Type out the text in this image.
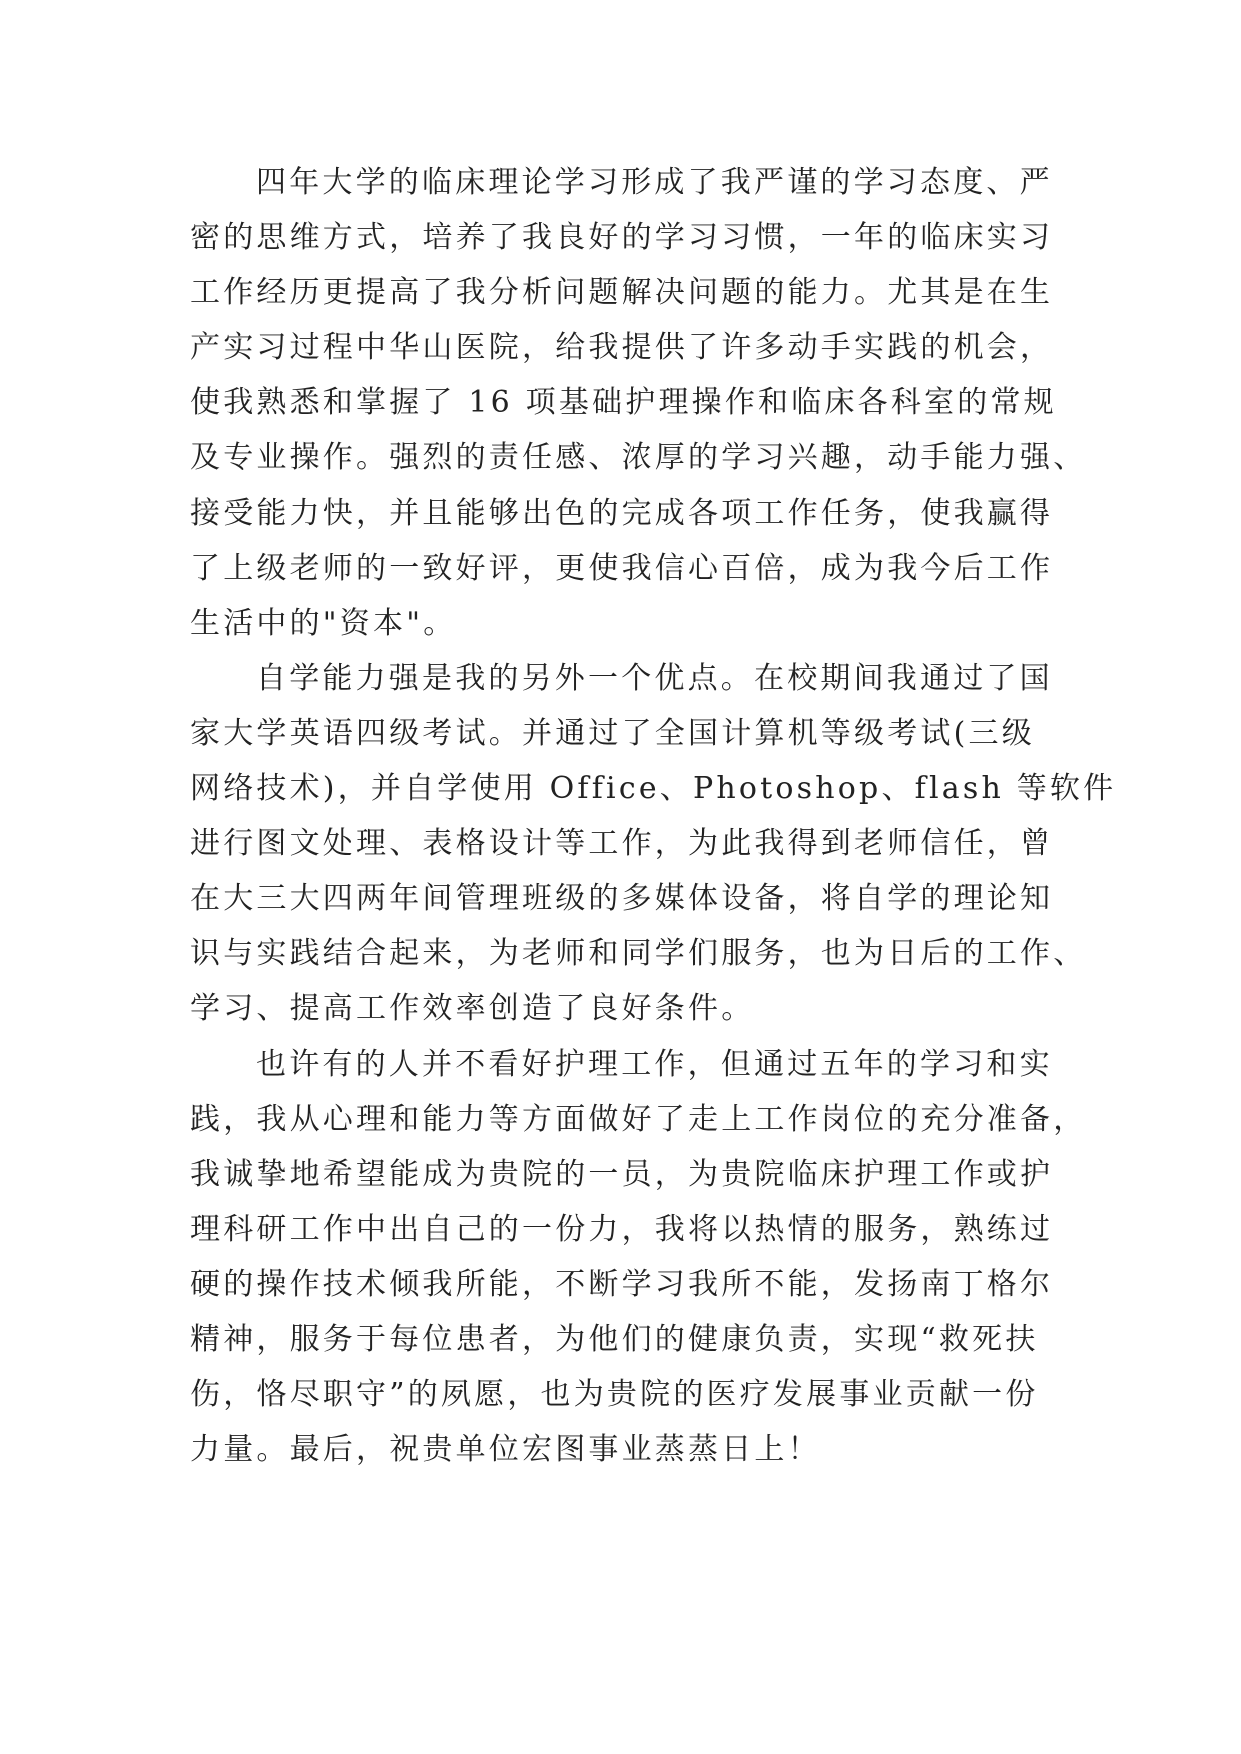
四年大学的临床理论学习形成了我严谨的学习态度、严
密的思维方式，培养了我良好的学习习惯，一年的临床实习
工作经历更提高了我分析问题解决问题的能力。尤其是在生
产实习过程中华山医院，给我提供了许多动手实践的机会，
使我熟悉和掌握了 16 项基础护理操作和临床各科室的常规
及专业操作。强烈的责任感、浓厚的学习兴趣，动手能力强、
接受能力快，并且能够出色的完成各项工作任务，使我赢得
了上级老师的一致好评，更使我信心百倍，成为我今后工作
生活中的"资本"。
自学能力强是我的另外一个优点。在校期间我通过了国
家大学英语四级考试。并通过了全国计算机等级考试(三级
网络技术)，并自学使用 Office、Photoshop、flash 等软件
进行图文处理、表格设计等工作，为此我得到老师信任，曾
在大三大四两年间管理班级的多媒体设备，将自学的理论知
识与实践结合起来，为老师和同学们服务，也为日后的工作、
学习、提高工作效率创造了良好条件。
也许有的人并不看好护理工作，但通过五年的学习和实
践，我从心理和能力等方面做好了走上工作岗位的充分准备，
我诚挚地希望能成为贵院的一员，为贵院临床护理工作或护
理科研工作中出自己的一份力，我将以热情的服务，熟练过
硬的操作技术倾我所能，不断学习我所不能，发扬南丁格尔
精神，服务于每位患者，为他们的健康负责，实现“救死扶
伤，恪尽职守”的夙愿，也为贵院的医疗发展事业贡献一份
力量。最后，祝贵单位宏图事业蒸蒸日上！
